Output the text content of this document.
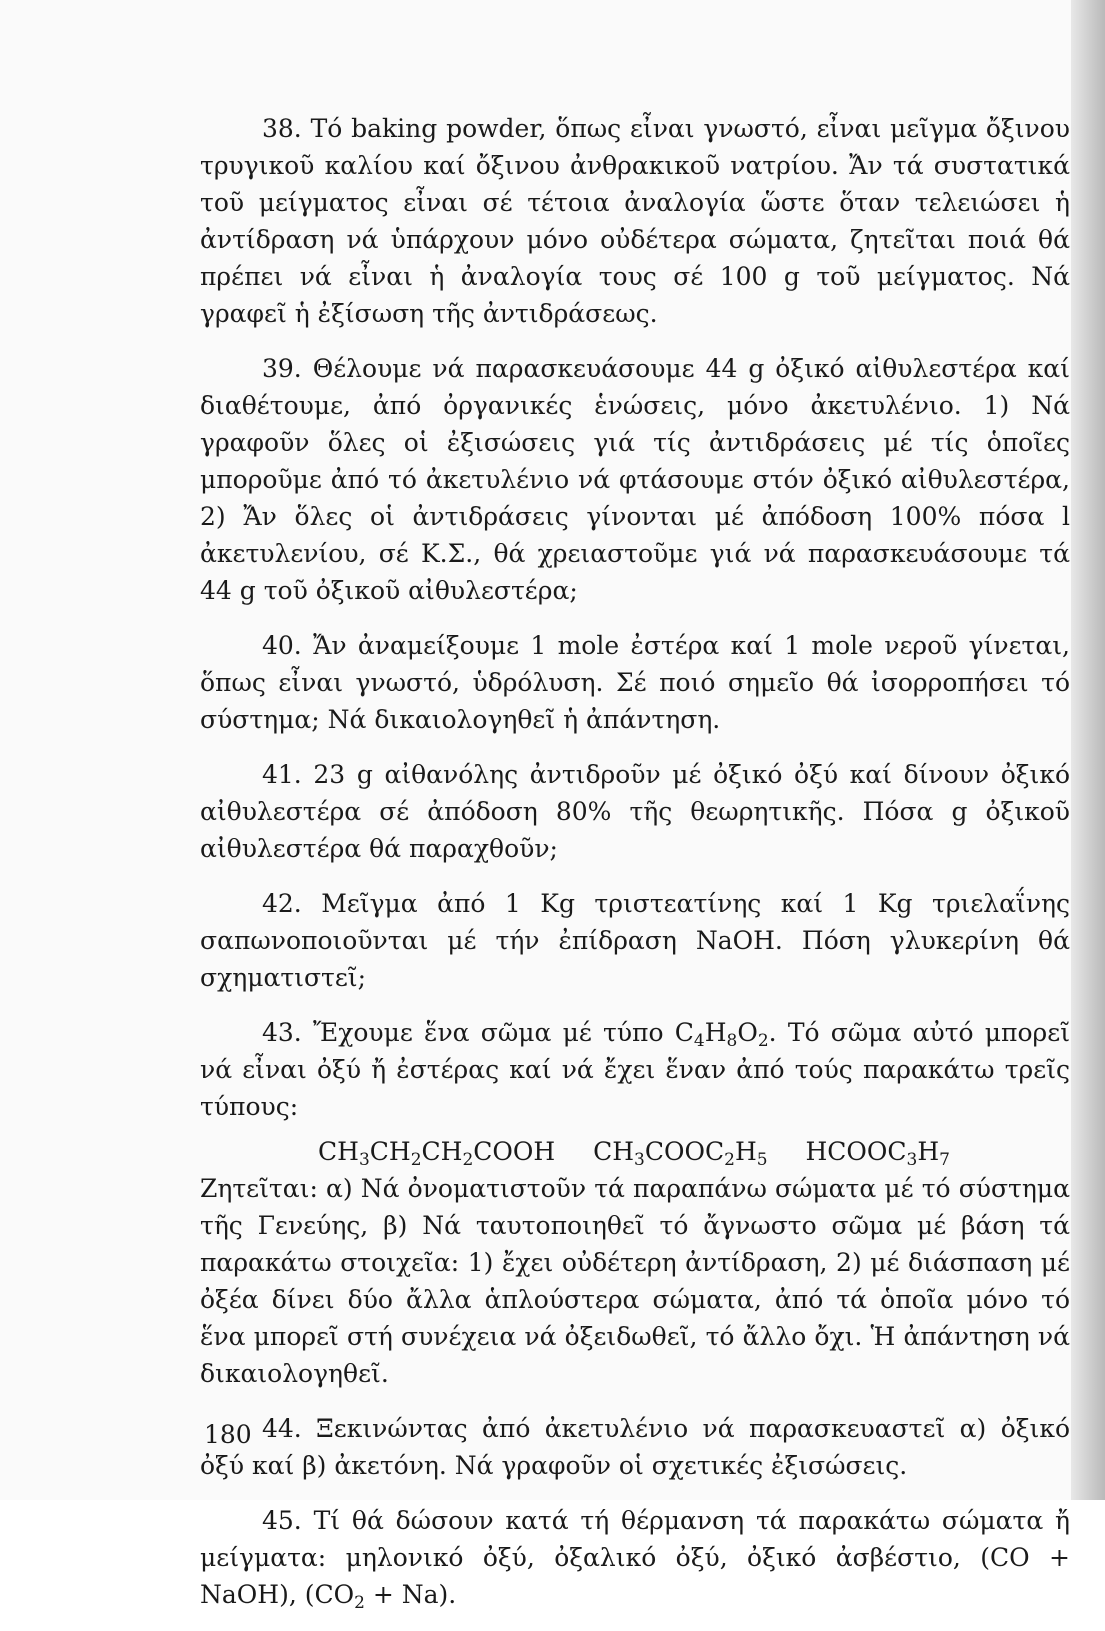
38. Τό baking powder, ὅπως εἶναι γνωστό, εἶναι μεῖγμα ὄξινου τρυγικοῦ καλίου καί ὄξινου ἀνθρακικοῦ νατρίου. Ἄν τά συστατικά τοῦ μείγματος εἶναι σέ τέτοια ἀναλογία ὥστε ὅταν τελειώσει ἡ ἀντίδραση νά ὑπάρχουν μόνο οὐδέτερα σώματα, ζητεῖται ποιά θά πρέπει νά εἶναι ἡ ἀναλογία τους σέ 100 g τοῦ μείγματος. Νά γραφεῖ ἡ ἐξίσωση τῆς ἀντιδράσεως.

39. Θέλουμε νά παρασκευάσουμε 44 g ὀξικό αἰθυλεστέρα καί διαθέτουμε, ἀπό ὀργανικές ἑνώσεις, μόνο ἀκετυλένιο. 1) Νά γραφοῦν ὅλες οἱ ἐξισώσεις γιά τίς ἀντιδράσεις μέ τίς ὁποῖες μποροῦμε ἀπό τό ἀκετυλένιο νά φτάσουμε στόν ὀξικό αἰθυλεστέρα, 2) Ἄν ὅλες οἱ ἀντιδράσεις γίνονται μέ ἀπόδοση 100% πόσα l ἀκετυλενίου, σέ Κ.Σ., θά χρειαστοῦμε γιά νά παρασκευάσουμε τά 44 g τοῦ ὀξικοῦ αἰθυλεστέρα;

40. Ἄν ἀναμείξουμε 1 mole ἐστέρα καί 1 mole νεροῦ γίνεται, ὅπως εἶναι γνωστό, ὑδρόλυση. Σέ ποιό σημεῖο θά ἰσορροπήσει τό σύστημα; Νά δικαιολογηθεῖ ἡ ἀπάντηση.

41. 23 g αἰθανόλης ἀντιδροῦν μέ ὀξικό ὀξύ καί δίνουν ὀξικό αἰθυλεστέρα σέ ἀπόδοση 80% τῆς θεωρητικῆς. Πόσα g ὀξικοῦ αἰθυλεστέρα θά παραχθοῦν;

42. Μεῖγμα ἀπό 1 Kg τριστεατίνης καί 1 Kg τριελαΐνης σαπωνοποιοῦνται μέ τήν ἐπίδραση NaOH. Πόση γλυκερίνη θά σχηματιστεῖ;

43. Ἔχουμε ἕνα σῶμα μέ τύπο $C_4H_8O_2$. Τό σῶμα αὐτό μπορεῖ νά εἶναι ὀξύ ἤ ἐστέρας καί νά ἔχει ἕναν ἀπό τούς παρακάτω τρεῖς τύπους:

$CH_3CH_2CH_2COOH$ $CH_3COOC_2H_5$ $HCOOC_3H_7$

Ζητεῖται: α) Νά ὀνοματιστοῦν τά παραπάνω σώματα μέ τό σύστημα τῆς Γενεύης, β) Νά ταυτοποιηθεῖ τό ἄγνωστο σῶμα μέ βάση τά παρακάτω στοιχεῖα: 1) ἔχει οὐδέτερη ἀντίδραση, 2) μέ διάσπαση μέ ὀξέα δίνει δύο ἄλλα ἁπλούστερα σώματα, ἀπό τά ὁποῖα μόνο τό ἕνα μπορεῖ στή συνέχεια νά ὀξειδωθεῖ, τό ἄλλο ὄχι. Ἡ ἀπάντηση νά δικαιολογηθεῖ.

44. Ξεκινώντας ἀπό ἀκετυλένιο νά παρασκευαστεῖ α) ὀξικό ὀξύ καί β) ἀκετόνη. Νά γραφοῦν οἱ σχετικές ἐξισώσεις.

45. Τί θά δώσουν κατά τή θέρμανση τά παρακάτω σώματα ἤ μείγματα: μηλονικό ὀξύ, ὀξαλικό ὀξύ, ὀξικό ἀσβέστιο, (CO + NaOH), $(CO_2 + Na)$.

180
